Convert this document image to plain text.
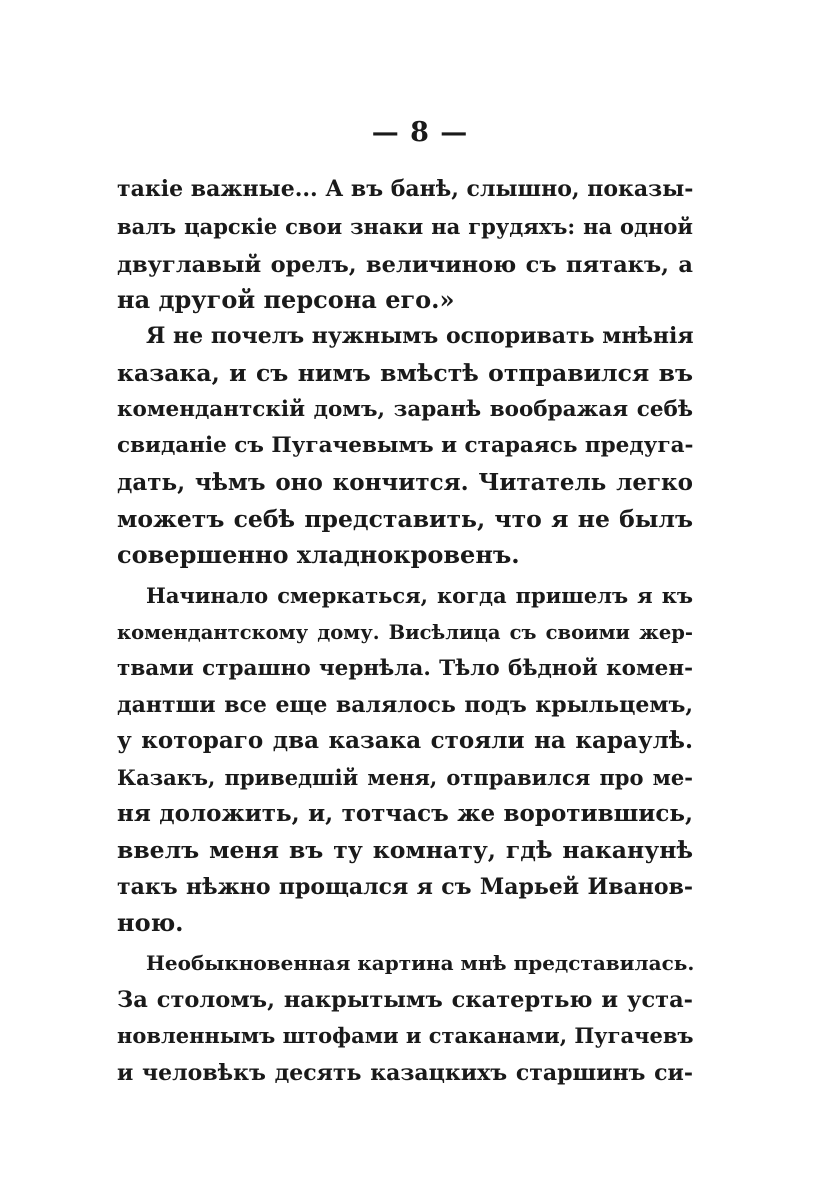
— 8 —
такіе важные... А въ банѣ, слышно, показы-
валъ царскіе свои знаки на грудяхъ: на одной
двуглавый орелъ, величиною съ пятакъ, а
на другой персона его.»
Я не почелъ нужнымъ оспоривать мнѣнія
казака, и съ нимъ вмѣстѣ отправился въ
комендантскій домъ, заранѣ воображая себѣ
свиданіе съ Пугачевымъ и стараясь предуга-
дать, чѣмъ оно кончится. Читатель легко
можетъ себѣ представить, что я не былъ
совершенно хладнокровенъ.
Начинало смеркаться, когда пришелъ я къ
комендантскому дому. Висѣлица съ своими жер-
твами страшно чернѣла. Тѣло бѣдной комен-
дантши все еще валялось подъ крыльцемъ,
у котораго два казака стояли на караулѣ.
Казакъ, приведшій меня, отправился про ме-
ня доложить, и, тотчасъ же воротившись,
ввелъ меня въ ту комнату, гдѣ наканунѣ
такъ нѣжно прощался я съ Марьей Иванов-
ною.
Необыкновенная картина мнѣ представилась.
За столомъ, накрытымъ скатертью и уста-
новленнымъ штофами и стаканами, Пугачевъ
и человѣкъ десять казацкихъ старшинъ си-
